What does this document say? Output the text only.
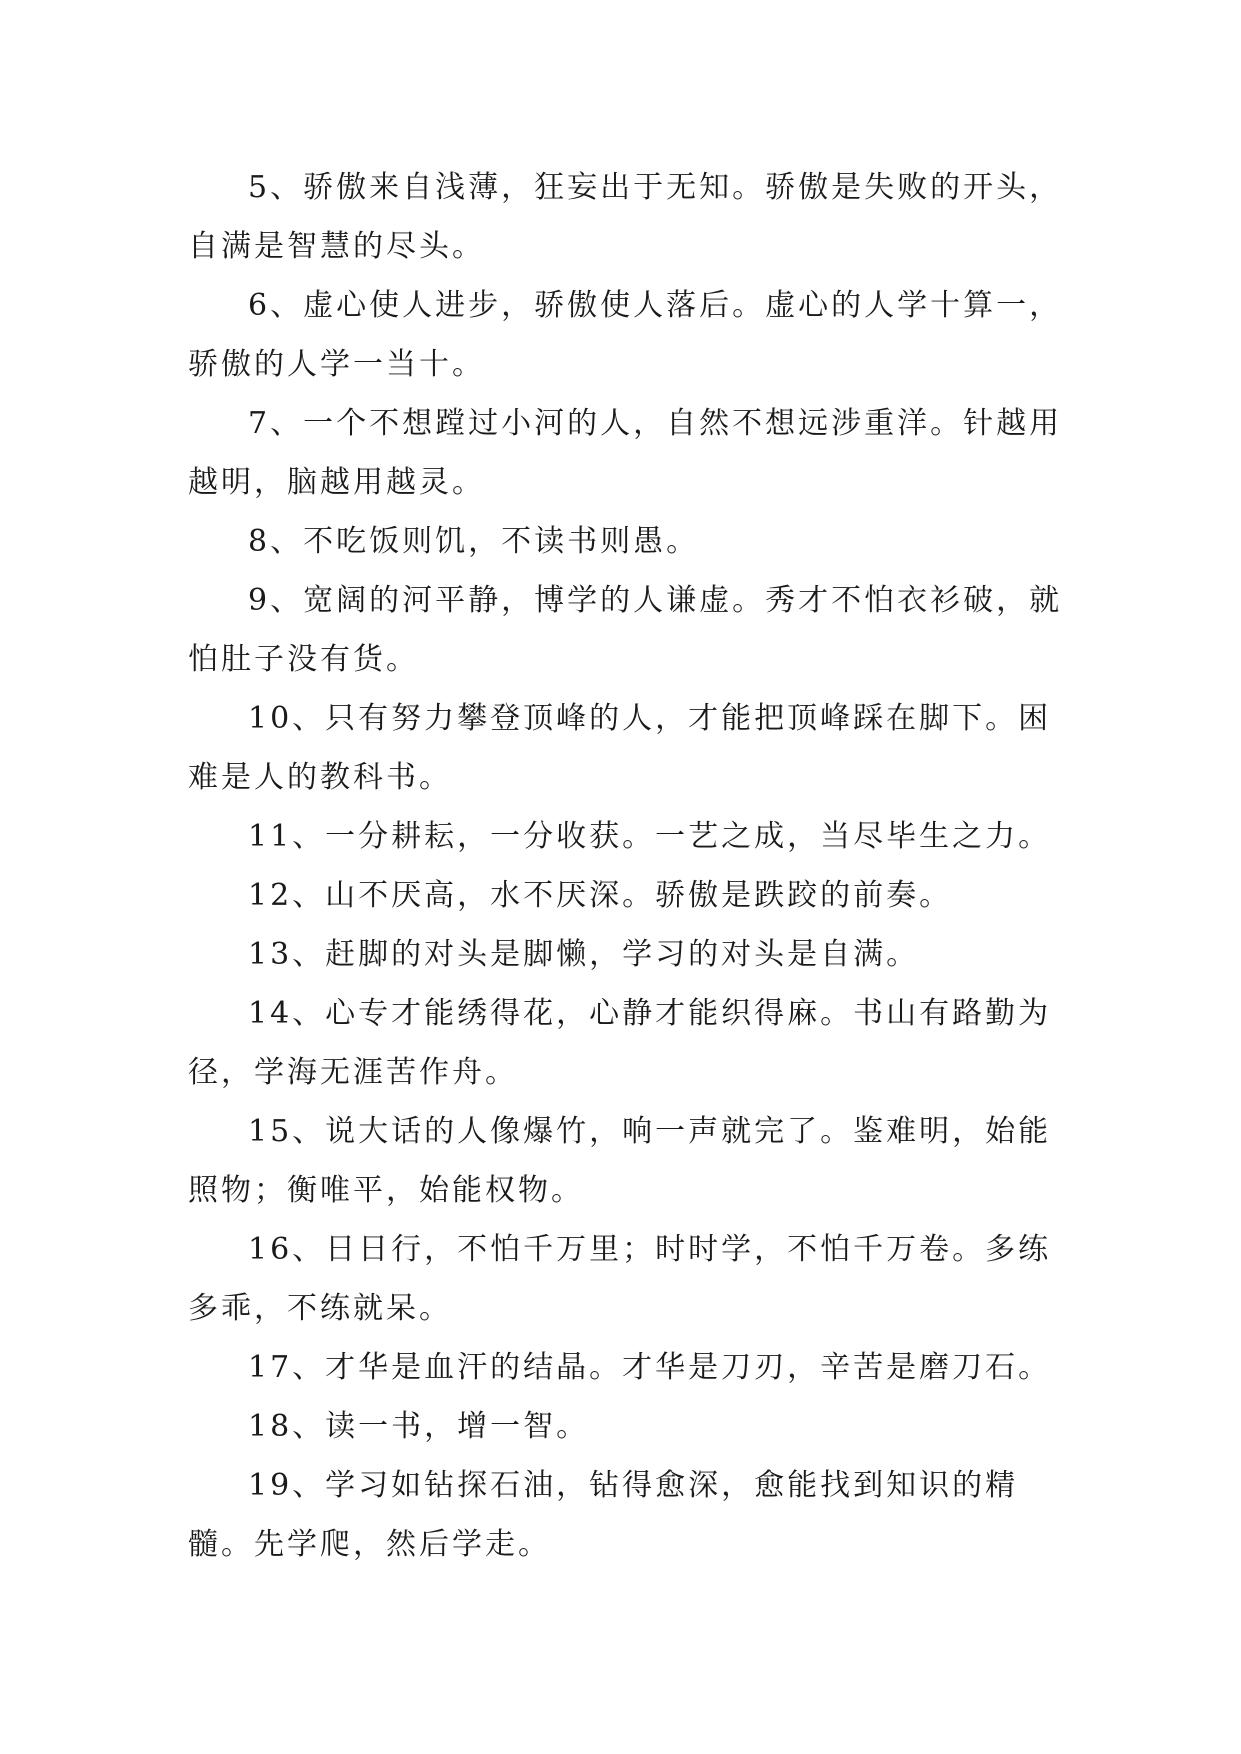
5、骄傲来自浅薄，狂妄出于无知。骄傲是失败的开头，自满是智慧的尽头。

6、虚心使人进步，骄傲使人落后。虚心的人学十算一，骄傲的人学一当十。

7、一个不想蹚过小河的人，自然不想远涉重洋。针越用越明，脑越用越灵。

8、不吃饭则饥，不读书则愚。

9、宽阔的河平静，博学的人谦虚。秀才不怕衣衫破，就怕肚子没有货。

10、只有努力攀登顶峰的人，才能把顶峰踩在脚下。困难是人的教科书。

11、一分耕耘，一分收获。一艺之成，当尽毕生之力。

12、山不厌高，水不厌深。骄傲是跌跤的前奏。

13、赶脚的对头是脚懒，学习的对头是自满。

14、心专才能绣得花，心静才能织得麻。书山有路勤为径，学海无涯苦作舟。

15、说大话的人像爆竹，响一声就完了。鉴难明，始能照物；衡唯平，始能权物。

16、日日行，不怕千万里；时时学，不怕千万卷。多练多乖，不练就呆。

17、才华是血汗的结晶。才华是刀刃，辛苦是磨刀石。

18、读一书，增一智。

19、学习如钻探石油，钻得愈深，愈能找到知识的精髓。先学爬，然后学走。
